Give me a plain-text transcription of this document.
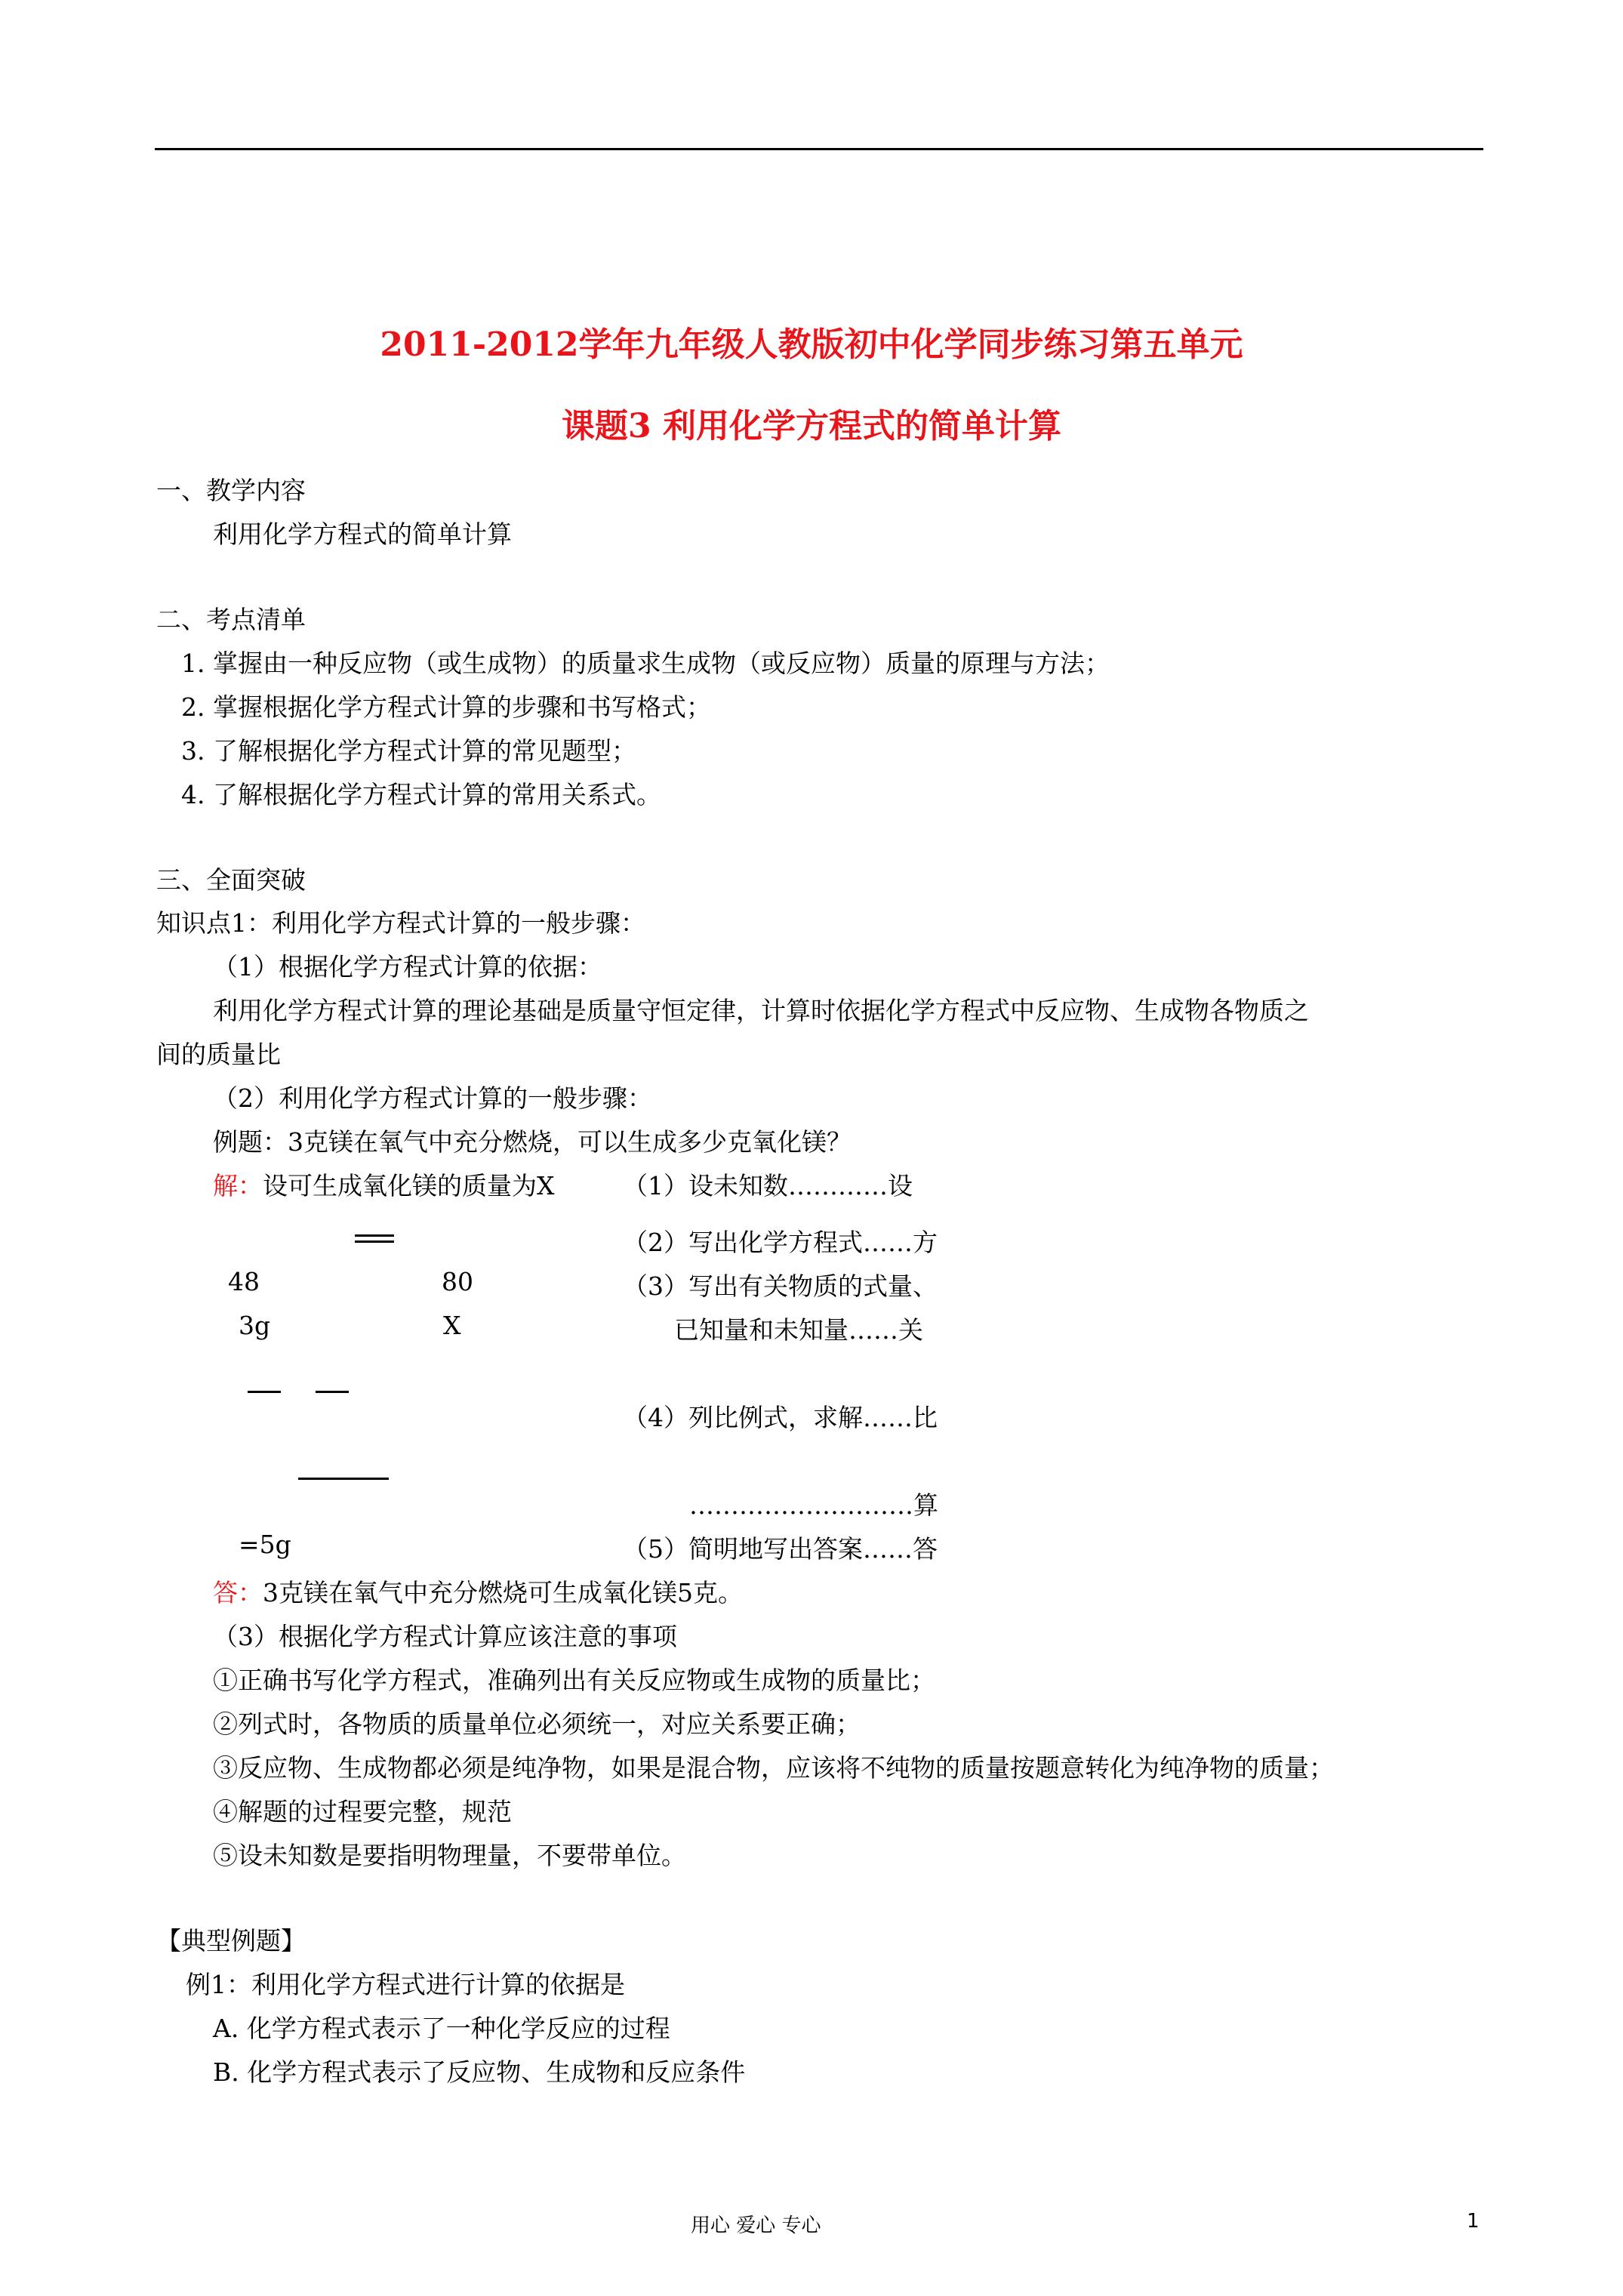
2011-2012学年九年级人教版初中化学同步练习第五单元
课题3 利用化学方程式的简单计算
一、教学内容
利用化学方程式的简单计算
二、考点清单
1. 掌握由一种反应物（或生成物）的质量求生成物（或反应物）质量的原理与方法；
2. 掌握根据化学方程式计算的步骤和书写格式；
3. 了解根据化学方程式计算的常见题型；
4. 了解根据化学方程式计算的常用关系式。
三、全面突破
知识点1：利用化学方程式计算的一般步骤：
（1）根据化学方程式计算的依据：
利用化学方程式计算的理论基础是质量守恒定律，计算时依据化学方程式中反应物、生成物各物质之
间的质量比
（2）利用化学方程式计算的一般步骤：
例题：3克镁在氧气中充分燃烧，可以生成多少克氧化镁？
解：设可生成氧化镁的质量为X	（1）设未知数…………设
（2）写出化学方程式……方
48	80	（3）写出有关物质的式量、
3g	X	已知量和未知量……关
（4）列比例式，求解……比
………………………算
=5g	（5）简明地写出答案……答
答：3克镁在氧气中充分燃烧可生成氧化镁5克。
（3）根据化学方程式计算应该注意的事项
①正确书写化学方程式，准确列出有关反应物或生成物的质量比；
②列式时，各物质的质量单位必须统一，对应关系要正确；
③反应物、生成物都必须是纯净物，如果是混合物，应该将不纯物的质量按题意转化为纯净物的质量；
④解题的过程要完整，规范
⑤设未知数是要指明物理量，不要带单位。
【典型例题】
例1：利用化学方程式进行计算的依据是
A. 化学方程式表示了一种化学反应的过程
B. 化学方程式表示了反应物、生成物和反应条件
用心 爱心 专心	1
